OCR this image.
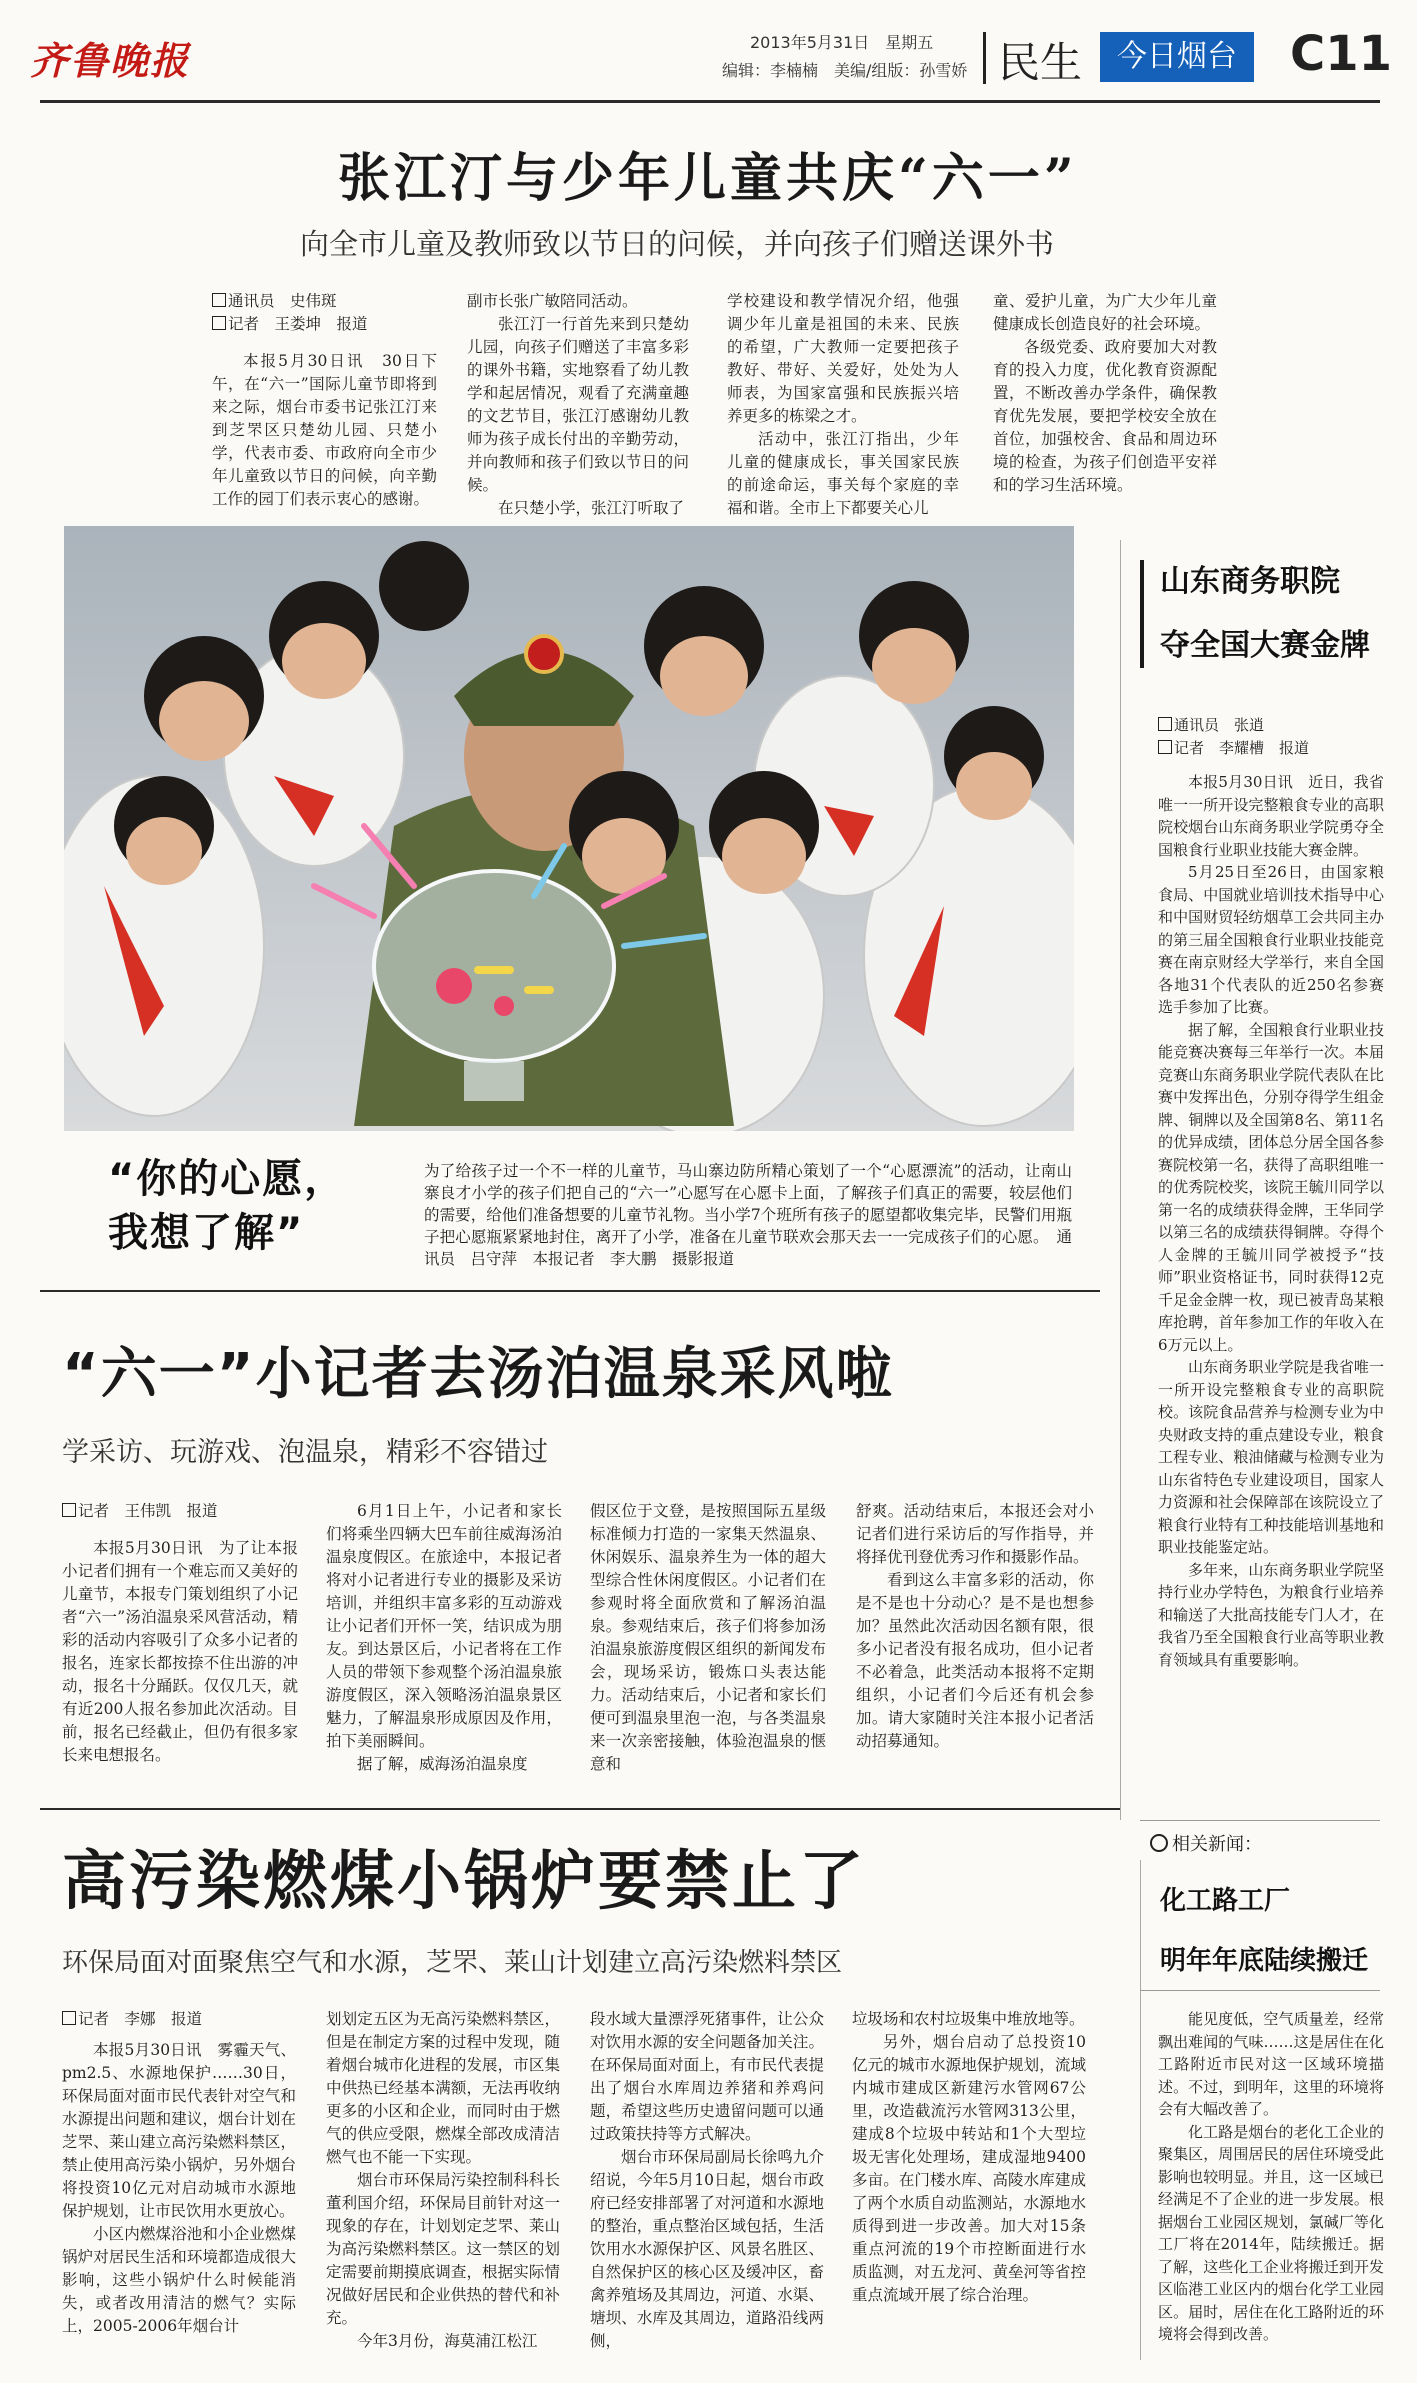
齐鲁晚报	2013年5月31日　星期五
编辑：李楠楠　美编/组版：孙雪娇 民生	今日烟台	C11
张江汀与少年儿童共庆“六一”
向全市儿童及教师致以节日的问候，并向孩子们赠送课外书

通讯员　史伟斑

记者　王娄坤　报道

本报5月30日讯　30日下午，在“六一”国际儿童节即将到来之际，烟台市委书记张江汀来到芝罘区只楚幼儿园、只楚小学，代表市委、市政府向全市少年儿童致以节日的问候，向辛勤工作的园丁们表示衷心的感谢。

副市长张广敏陪同活动。

张江汀一行首先来到只楚幼儿园，向孩子们赠送了丰富多彩的课外书籍，实地察看了幼儿教学和起居情况，观看了充满童趣的文艺节目，张江汀感谢幼儿教师为孩子成长付出的辛勤劳动，并向教师和孩子们致以节日的问候。

在只楚小学，张江汀听取了

学校建设和教学情况介绍，他强调少年儿童是祖国的未来、民族的希望，广大教师一定要把孩子教好、带好、关爱好，处处为人师表，为国家富强和民族振兴培养更多的栋梁之才。

活动中，张江汀指出，少年儿童的健康成长，事关国家民族的前途命运，事关每个家庭的幸福和谐。全市上下都要关心儿

童、爱护儿童，为广大少年儿童健康成长创造良好的社会环境。

各级党委、政府要加大对教育的投入力度，优化教育资源配置，不断改善办学条件，确保教育优先发展，要把学校安全放在首位，加强校舍、食品和周边环境的检查，为孩子们创造平安祥和的学习生活环境。

“你的心愿，
我想了解”
为了给孩子过一个不一样的儿童节，马山寨边防所精心策划了一个“心愿漂流”的活动，让南山寨良才小学的孩子们把自己的“六一”心愿写在心愿卡上面，了解孩子们真正的需要，较层他们的需要，给他们准备想要的儿童节礼物。当小学7个班所有孩子的愿望都收集完毕，民警们用瓶子把心愿瓶紧紧地封住，离开了小学，准备在儿童节联欢会那天去一一完成孩子们的心愿。　通讯员　吕守萍　本报记者　李大鹏　摄影报道
山东商务职院
夺全国大赛金牌

通讯员　张逍

记者　李耀槽　报道

本报5月30日讯　近日，我省唯一一所开设完整粮食专业的高职院校烟台山东商务职业学院勇夺全国粮食行业职业技能大赛金牌。

5月25日至26日，由国家粮食局、中国就业培训技术指导中心和中国财贸轻纺烟草工会共同主办的第三届全国粮食行业职业技能竞赛在南京财经大学举行，来自全国各地31个代表队的近250名参赛选手参加了比赛。

据了解，全国粮食行业职业技能竞赛决赛每三年举行一次。本届竞赛山东商务职业学院代表队在比赛中发挥出色，分别夺得学生组金牌、铜牌以及全国第8名、第11名的优异成绩，团体总分居全国各参赛院校第一名，获得了高职组唯一的优秀院校奖，该院王毓川同学以第一名的成绩获得金牌，王华同学以第三名的成绩获得铜牌。夺得个人金牌的王毓川同学被授予“技师”职业资格证书，同时获得12克千足金金牌一枚，现已被青岛某粮库抢聘，首年参加工作的年收入在6万元以上。

山东商务职业学院是我省唯一一所开设完整粮食专业的高职院校。该院食品营养与检测专业为中央财政支持的重点建设专业，粮食工程专业、粮油储藏与检测专业为山东省特色专业建设项目，国家人力资源和社会保障部在该院设立了粮食行业特有工种技能培训基地和职业技能鉴定站。

多年来，山东商务职业学院坚持行业办学特色，为粮食行业培养和输送了大批高技能专门人才，在我省乃至全国粮食行业高等职业教育领域具有重要影响。

“六一”小记者去汤泊温泉采风啦
学采访、玩游戏、泡温泉，精彩不容错过

记者　王伟凯　报道

本报5月30日讯　为了让本报小记者们拥有一个难忘而又美好的儿童节，本报专门策划组织了小记者“六一”汤泊温泉采风营活动，精彩的活动内容吸引了众多小记者的报名，连家长都按捺不住出游的冲动，报名十分踊跃。仅仅几天，就有近200人报名参加此次活动。目前，报名已经截止，但仍有很多家长来电想报名。

6月1日上午，小记者和家长们将乘坐四辆大巴车前往威海汤泊温泉度假区。在旅途中，本报记者将对小记者进行专业的摄影及采访培训，并组织丰富多彩的互动游戏让小记者们开怀一笑，结识成为朋友。到达景区后，小记者将在工作人员的带领下参观整个汤泊温泉旅游度假区，深入领略汤泊温泉景区魅力，了解温泉形成原因及作用，拍下美丽瞬间。

据了解，威海汤泊温泉度

假区位于文登，是按照国际五星级标准倾力打造的一家集天然温泉、休闲娱乐、温泉养生为一体的超大型综合性休闲度假区。小记者们在参观时将全面欣赏和了解汤泊温泉。参观结束后，孩子们将参加汤泊温泉旅游度假区组织的新闻发布会，现场采访，锻炼口头表达能力。活动结束后，小记者和家长们便可到温泉里泡一泡，与各类温泉来一次亲密接触，体验泡温泉的惬意和

舒爽。活动结束后，本报还会对小记者们进行采访后的写作指导，并将择优刊登优秀习作和摄影作品。

看到这么丰富多彩的活动，你是不是也十分动心？是不是也想参加？虽然此次活动因名额有限，很多小记者没有报名成功，但小记者不必着急，此类活动本报将不定期组织，小记者们今后还有机会参加。请大家随时关注本报小记者活动招募通知。

相关新闻：
化工路工厂
明年年底陆续搬迁

能见度低，空气质量差，经常飘出难闻的气味……这是居住在化工路附近市民对这一区域环境描述。不过，到明年，这里的环境将会有大幅改善了。

化工路是烟台的老化工企业的聚集区，周围居民的居住环境受此影响也较明显。并且，这一区域已经满足不了企业的进一步发展。根据烟台工业园区规划，氯碱厂等化工厂将在2014年，陆续搬迁。据了解，这些化工企业将搬迁到开发区临港工业区内的烟台化学工业园区。届时，居住在化工路附近的环境将会得到改善。

高污染燃煤小锅炉要禁止了
环保局面对面聚焦空气和水源，芝罘、莱山计划建立高污染燃料禁区

记者　李娜　报道

本报5月30日讯　雾霾天气、pm2.5、水源地保护……30日，环保局面对面市民代表针对空气和水源提出问题和建议，烟台计划在芝罘、莱山建立高污染燃料禁区，禁止使用高污染小锅炉，另外烟台将投资10亿元对启动城市水源地保护规划，让市民饮用水更放心。

小区内燃煤浴池和小企业燃煤锅炉对居民生活和环境都造成很大影响，这些小锅炉什么时候能消失，或者改用清洁的燃气？实际上，2005-2006年烟台计

划划定五区为无高污染燃料禁区，但是在制定方案的过程中发现，随着烟台城市化进程的发展，市区集中供热已经基本满额，无法再收纳更多的小区和企业，而同时由于燃气的供应受限，燃煤全部改成清洁燃气也不能一下实现。

烟台市环保局污染控制科科长董利国介绍，环保局目前针对这一现象的存在，计划划定芝罘、莱山为高污染燃料禁区。这一禁区的划定需要前期摸底调查，根据实际情况做好居民和企业供热的替代和补充。

今年3月份，海莫浦江松江

段水域大量漂浮死猪事件，让公众对饮用水源的安全问题备加关注。在环保局面对面上，有市民代表提出了烟台水库周边养猪和养鸡问题，希望这些历史遗留问题可以通过政策扶持等方式解决。

烟台市环保局副局长徐鸣九介绍说，今年5月10日起，烟台市政府已经安排部署了对河道和水源地的整治，重点整治区域包括，生活饮用水水源保护区、风景名胜区、自然保护区的核心区及缓冲区，畜禽养殖场及其周边，河道、水渠、塘坝、水库及其周边，道路沿线两侧，

垃圾场和农村垃圾集中堆放地等。

另外，烟台启动了总投资10亿元的城市水源地保护规划，流域内城市建成区新建污水管网67公里，改造截流污水管网313公里，建成8个垃圾中转站和1个大型垃圾无害化处理场，建成湿地9400多亩。在门楼水库、高陵水库建成了两个水质自动监测站，水源地水质得到进一步改善。加大对15条重点河流的19个市控断面进行水质监测，对五龙河、黄垒河等省控重点流域开展了综合治理。
